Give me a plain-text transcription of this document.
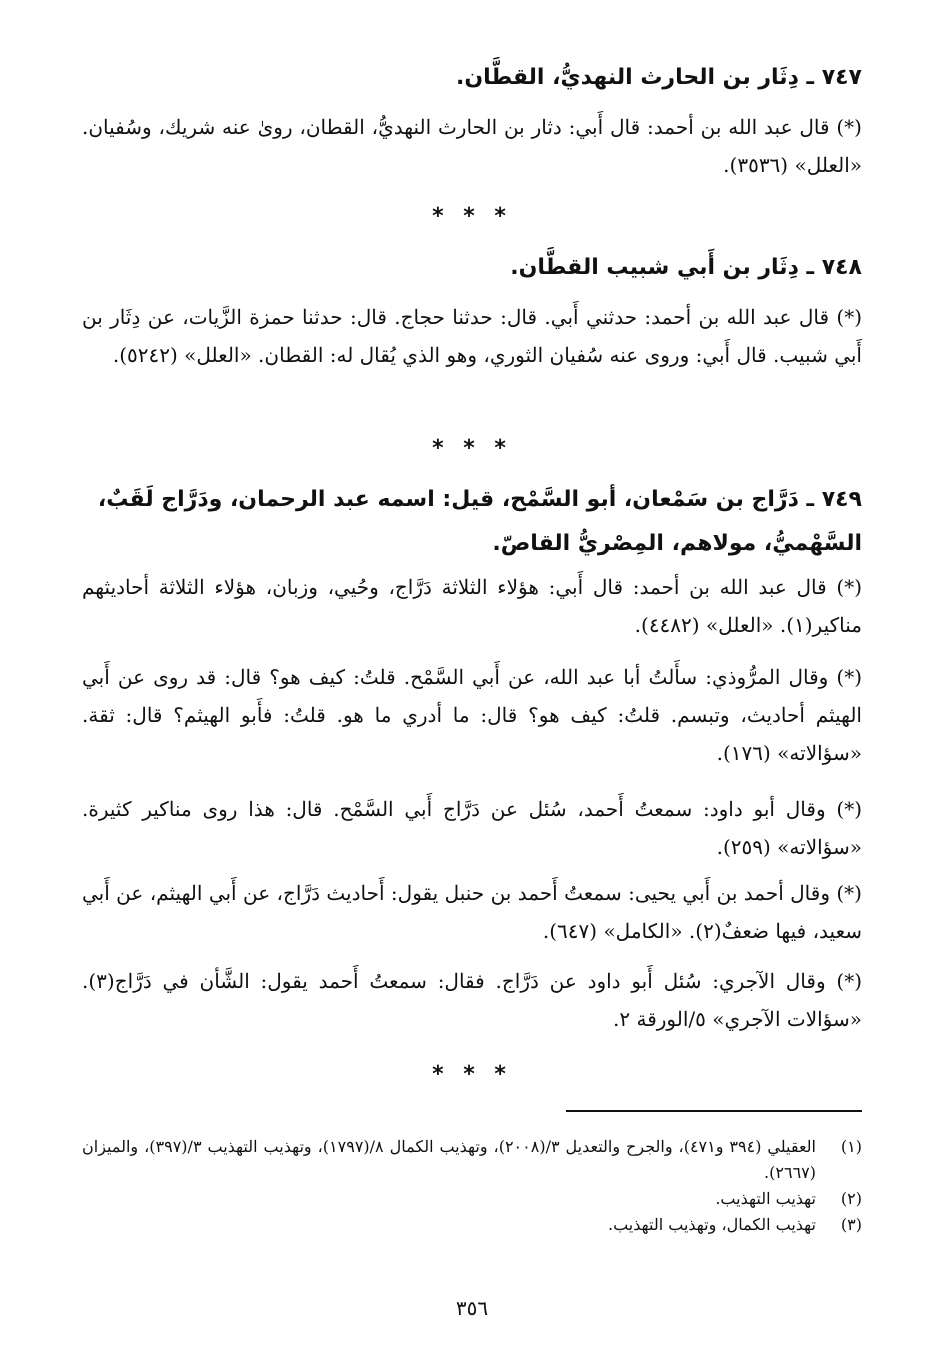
٧٤٧ ـ دِثَار بن الحارث النهديُّ، القطَّان.

(*) قال عبد الله بن أحمد: قال أَبي: دثار بن الحارث النهديُّ، القطان، روىٰ عنه شريك، وسُفيان. «العلل» (٣٥٣٦).

* * *
٧٤٨ ـ دِثَار بن أَبي شبيب القطَّان.

(*) قال عبد الله بن أحمد: حدثني أَبي. قال: حدثنا حجاج. قال: حدثنا حمزة الزَّيات، عن دِثَار بن أَبي شبيب. قال أَبي: وروى عنه سُفيان الثوري، وهو الذي يُقال له: القطان. «العلل» (٥٢٤٢).

* * *
٧٤٩ ـ دَرَّاج بن سَمْعان، أبو السَّمْح، قيل: اسمه عبد الرحمان، ودَرَّاج لَقَبٌ، السَّهْميُّ، مولاهم، المِصْريُّ القاصّ.

(*) قال عبد الله بن أحمد: قال أَبي: هؤلاء الثلاثة دَرَّاج، وحُيي، وزبان، هؤلاء الثلاثة أحاديثهم مناكير(١). «العلل» (٤٤٨٢).

(*) وقال المرُّوذي: سأَلتُ أبا عبد الله، عن أَبي السَّمْح. قلتُ: كيف هو؟ قال: قد روى عن أَبي الهيثم أحاديث، وتبسم. قلتُ: كيف هو؟ قال: ما أدري ما هو. قلتُ: فأَبو الهيثم؟ قال: ثقة. «سؤالاته» (١٧٦).

(*) وقال أبو داود: سمعتُ أَحمد، سُئل عن دَرَّاج أَبي السَّمْح. قال: هذا روى مناكير كثيرة. «سؤالاته» (٢٥٩).

(*) وقال أحمد بن أَبي يحيى: سمعتُ أَحمد بن حنبل يقول: أَحاديث دَرَّاج، عن أَبي الهيثم، عن أَبي سعيد، فيها ضعفٌ(٢). «الكامل» (٦٤٧).

(*) وقال الآجري: سُئل أَبو داود عن دَرَّاج. فقال: سمعتُ أَحمد يقول: الشَّأن في دَرَّاج(٣). «سؤالات الآجري» ٥/الورقة ٢.

* * *
(١)
العقيلي (٣٩٤ و٤٧١)، والجرح والتعديل ٣/(٢٠٠٨)، وتهذيب الكمال ٨/(١٧٩٧)، وتهذيب التهذيب ٣/(٣٩٧)، والميزان (٢٦٦٧).
(٢)
تهذيب التهذيب.
(٣)
تهذيب الكمال، وتهذيب التهذيب.
٣٥٦
